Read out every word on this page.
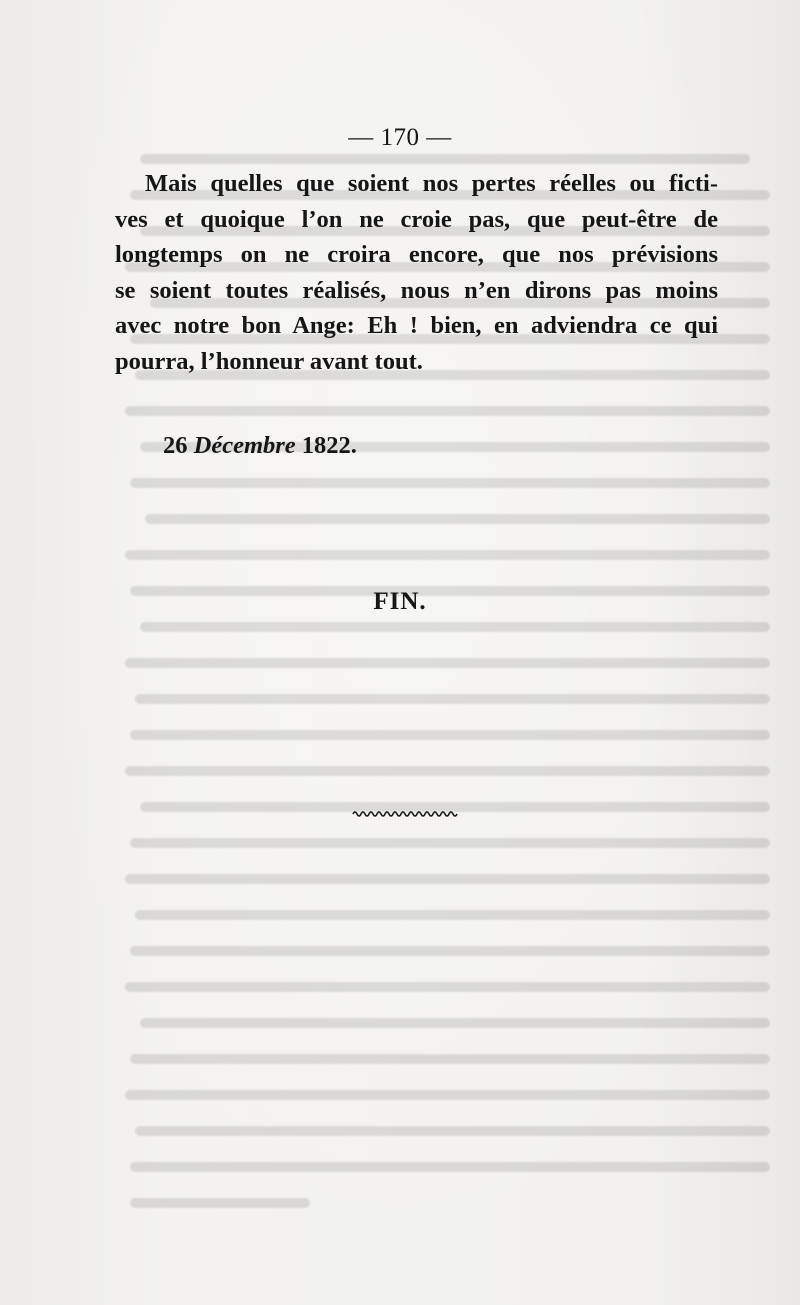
— 170 —
Mais quelles que soient nos pertes réelles ou ficti-
ves et quoique l’on ne croie pas, que peut-être de
longtemps on ne croira encore, que nos prévisions
se soient toutes réalisés, nous n’en dirons pas moins
avec notre bon Ange: Eh ! bien, en adviendra ce qui
pourra, l’honneur avant tout.
26 Décembre 1822.
FIN.
